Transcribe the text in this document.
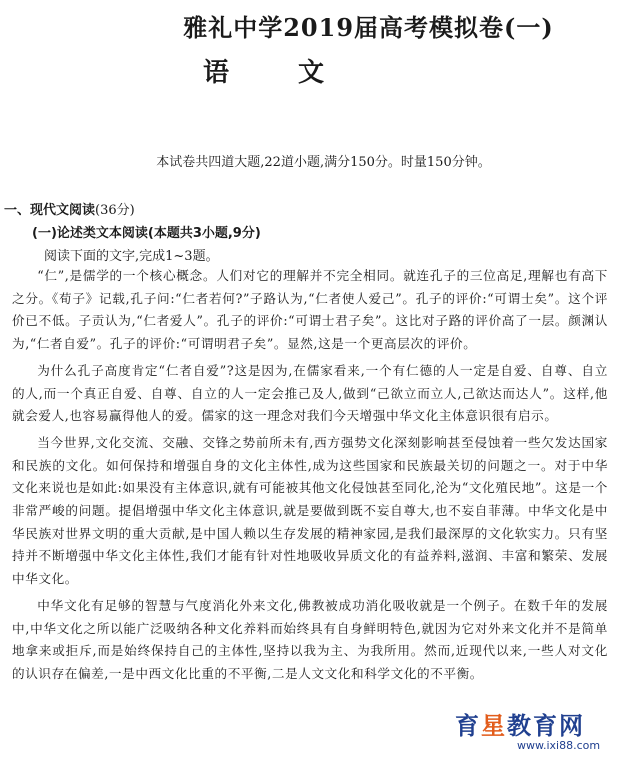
雅礼中学2019届高考模拟卷(一)
语 文
本试卷共四道大题,22道小题,满分150分。时量150分钟。
一、现代文阅读(36分)
(一)论述类文本阅读(本题共3小题,9分)
阅读下面的文字,完成1~3题。

“仁”,是儒学的一个核心概念。人们对它的理解并不完全相同。就连孔子的三位高足,理解也有高下之分。《荀子》记载,孔子问:“仁者若何?”子路认为,“仁者使人爱己”。孔子的评价:“可谓士矣”。这个评价已不低。子贡认为,“仁者爱人”。孔子的评价:“可谓士君子矣”。这比对子路的评价高了一层。颜渊认为,“仁者自爱”。孔子的评价:“可谓明君子矣”。显然,这是一个更高层次的评价。

为什么孔子高度肯定“仁者自爱”?这是因为,在儒家看来,一个有仁德的人一定是自爱、自尊、自立的人,而一个真正自爱、自尊、自立的人一定会推己及人,做到“己欲立而立人,己欲达而达人”。这样,他就会爱人,也容易赢得他人的爱。儒家的这一理念对我们今天增强中华文化主体意识很有启示。

当今世界,文化交流、交融、交锋之势前所未有,西方强势文化深刻影响甚至侵蚀着一些欠发达国家和民族的文化。如何保持和增强自身的文化主体性,成为这些国家和民族最关切的问题之一。对于中华文化来说也是如此:如果没有主体意识,就有可能被其他文化侵蚀甚至同化,沦为“文化殖民地”。这是一个非常严峻的问题。提倡增强中华文化主体意识,就是要做到既不妄自尊大,也不妄自菲薄。中华文化是中华民族对世界文明的重大贡献,是中国人赖以生存发展的精神家园,是我们最深厚的文化软实力。只有坚持并不断增强中华文化主体性,我们才能有针对性地吸收异质文化的有益养料,滋润、丰富和繁荣、发展中华文化。

中华文化有足够的智慧与气度消化外来文化,佛教被成功消化吸收就是一个例子。在数千年的发展中,中华文化之所以能广泛吸纳各种文化养料而始终具有自身鲜明特色,就因为它对外来文化并不是简单地拿来或拒斥,而是始终保持自己的主体性,坚持以我为主、为我所用。然而,近现代以来,一些人对文化的认识存在偏差,一是中西文化比重的不平衡,二是人文文化和科学文化的不平衡。

育星教育网
www.ixi88.com
